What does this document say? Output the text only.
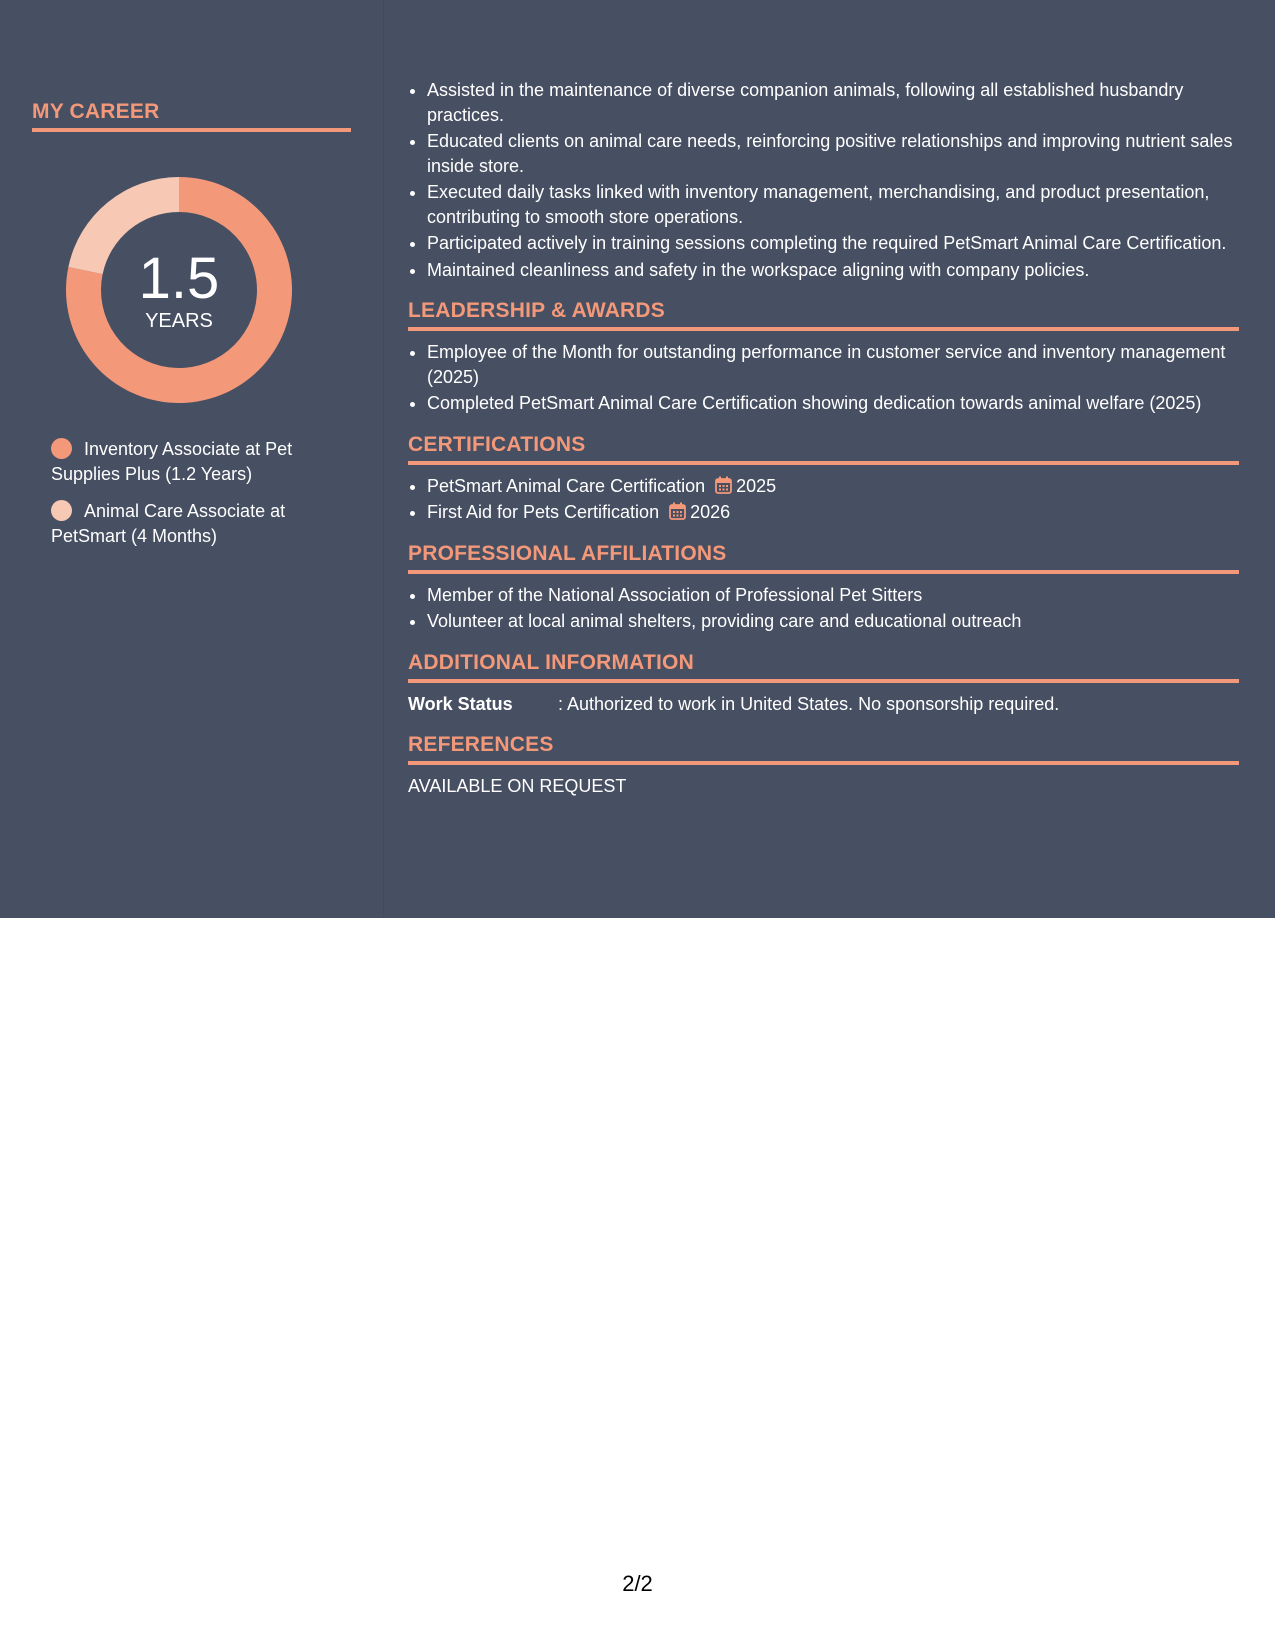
MY CAREER
1.5
YEARS
Inventory Associate at Pet Supplies Plus (1.2 Years)
Animal Care Associate at PetSmart (4 Months)
• Assisted in the maintenance of diverse companion animals, following all established husbandry practices.
• Educated clients on animal care needs, reinforcing positive relationships and improving nutrient sales inside store.
• Executed daily tasks linked with inventory management, merchandising, and product presentation, contributing to smooth store operations.
• Participated actively in training sessions completing the required PetSmart Animal Care Certification.
• Maintained cleanliness and safety in the workspace aligning with company policies.
LEADERSHIP & AWARDS
• Employee of the Month for outstanding performance in customer service and inventory management (2025)
• Completed PetSmart Animal Care Certification showing dedication towards animal welfare (2025)
CERTIFICATIONS
• PetSmart Animal Care Certification 2025
• First Aid for Pets Certification 2026
PROFESSIONAL AFFILIATIONS
• Member of the National Association of Professional Pet Sitters
• Volunteer at local animal shelters, providing care and educational outreach
ADDITIONAL INFORMATION
Work Status	: Authorized to work in United States. No sponsorship required.
REFERENCES
AVAILABLE ON REQUEST
2/2
